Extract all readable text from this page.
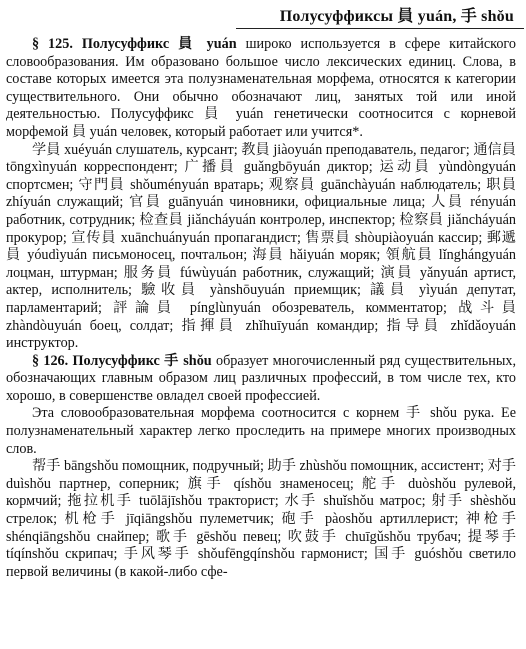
Полусуффиксы 員 yuán, 手 shǒu

§ 125. Полусуффикс 員 yuán широко используется в сфере китайского словообразования. Им образовано большое число лексических единиц. Слова, в составе которых имеется эта полузнаменательная морфема, относятся к категории существительного. Они обычно обозначают лиц, занятых той или иной деятельностью. Полусуффикс 員 yuán генетически соотносится с корневой морфемой 員 yuán человек, который работает или учится*.

学員 xuéyuán слушатель, курсант; 教員 jiàoyuán преподаватель, педагог; 通信員 tōngxìnyuán корреспондент; 广播員 guǎngbōyuán диктор; 运动員 yùndòngyuán спортсмен; 守門員 shǒuményuán вратарь; 观察員 guānchàyuán наблюдатель; 职員 zhíyuán служащий; 官員 guānyuán чиновники, официальные лица; 人員 rényuán работник, сотрудник; 检查員 jiǎncháyuán контролер, инспектор; 检察員 jiǎncháyuán прокурор; 宣传員 xuānchuányuán пропагандист; 售票員 shòupiàoyuán кассир; 郵遞員 yóudìyuán письмоносец, почтальон; 海員 hǎiyuán моряк; 領航員 lǐnghángyuán лоцман, штурман; 服务員 fúwùyuán работник, служащий; 演員 yǎnyuán артист, актер, исполнитель; 驗收員 yànshōuyuán приемщик; 議員 yìyuán депутат, парламентарий; 評論員 pínglùnyuán обозреватель, комментатор; 战斗員 zhàndòuyuán боец, солдат; 指揮員 zhǐhuīyuán командир; 指导員 zhǐdǎoyuán инструктор.

§ 126. Полусуффикс 手 shǒu образует многочисленный ряд существительных, обозначающих главным образом лиц различных профессий, в том числе тех, кто хорошо, в совершенстве овладел своей профессией.

Эта словообразовательная морфема соотносится с корнем 手 shǒu рука. Ее полузнаменательный характер легко проследить на примере многих производных слов.

帮手 bāngshǒu помощник, подручный; 助手 zhùshǒu помощник, ассистент; 对手 duìshǒu партнер, соперник; 旗手 qíshǒu знаменосец; 舵手 duòshǒu рулевой, кормчий; 拖拉机手 tuōlājīshǒu тракторист; 水手 shuǐshǒu матрос; 射手 shèshǒu стрелок; 机枪手 jīqiāngshǒu пулеметчик; 砲手 pàoshǒu артиллерист; 神枪手 shénqiāngshǒu снайпер; 歌手 gēshǒu певец; 吹鼓手 chuīgǔshǒu трубач; 提琴手 tíqínshǒu скрипач; 手风琴手 shǒufēngqínshǒu гармонист; 国手 guóshǒu светило первой величины (в какой-либо сфе-
